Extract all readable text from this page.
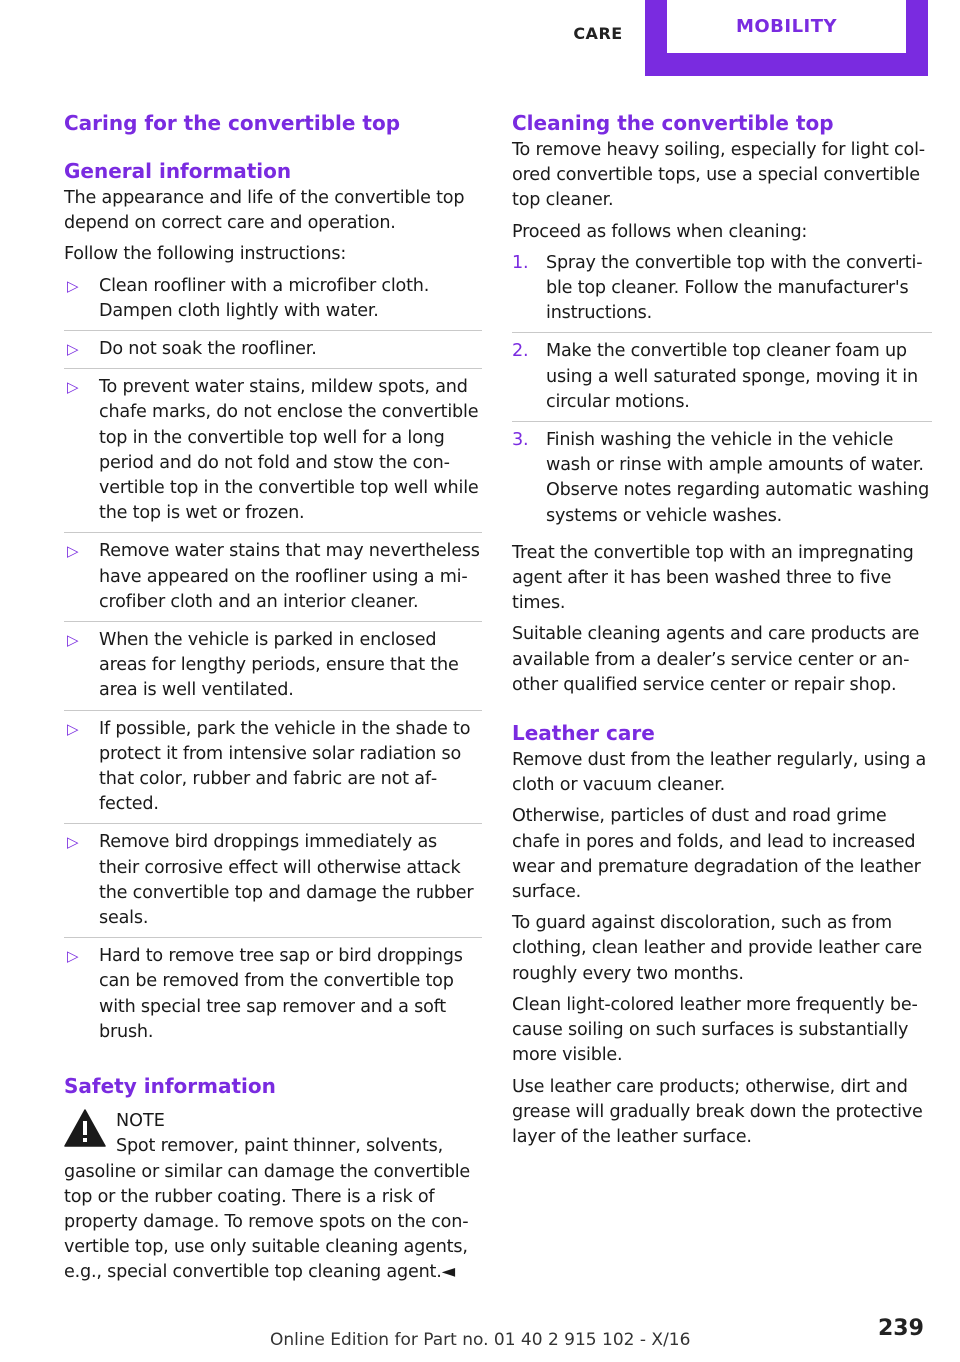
CARE	MOBILITY
Caring for the convertible top
General information

The appearance and life of the convertible top depend on correct care and operation.

Follow the following instructions:

▷ Clean roofliner with a microfiber cloth. Dampen cloth lightly with water.
▷ Do not soak the roofliner.
▷ To prevent water stains, mildew spots, and chafe marks, do not enclose the convertible top in the convertible top well for a long period and do not fold and stow the convertible top in the convertible top well while the top is wet or frozen.
▷ Remove water stains that may nevertheless have appeared on the roofliner using a microfiber cloth and an interior cleaner.
▷ When the vehicle is parked in enclosed areas for lengthy periods, ensure that the area is well ventilated.
▷ If possible, park the vehicle in the shade to protect it from intensive solar radiation so that color, rubber and fabric are not affected.
▷ Remove bird droppings immediately as their corrosive effect will otherwise attack the convertible top and damage the rubber seals.
▷ Hard to remove tree sap or bird droppings can be removed from the convertible top with special tree sap remover and a soft brush.
Safety information
NOTE
Spot remover, paint thinner, solvents,
gasoline or similar can damage the convertible top or the rubber coating. There is a risk of property damage. To remove spots on the convertible top, use only suitable cleaning agents, e.g., special convertible top cleaning agent.◄
Cleaning the convertible top

To remove heavy soiling, especially for light colored convertible tops, use a special convertible top cleaner.

Proceed as follows when cleaning:

1. Spray the convertible top with the convertible top cleaner. Follow the manufacturer's instructions.
2. Make the convertible top cleaner foam up using a well saturated sponge, moving it in circular motions.
3. Finish washing the vehicle in the vehicle wash or rinse with ample amounts of water. Observe notes regarding automatic washing systems or vehicle washes.

Treat the convertible top with an impregnating agent after it has been washed three to five times.

Suitable cleaning agents and care products are available from a dealer’s service center or another qualified service center or repair shop.

Leather care

Remove dust from the leather regularly, using a cloth or vacuum cleaner.

Otherwise, particles of dust and road grime chafe in pores and folds, and lead to increased wear and premature degradation of the leather surface.

To guard against discoloration, such as from clothing, clean leather and provide leather care roughly every two months.

Clean light-colored leather more frequently because soiling on such surfaces is substantially more visible.

Use leather care products; otherwise, dirt and grease will gradually break down the protective layer of the leather surface.

239
Online Edition for Part no. 01 40 2 915 102 - X/16
